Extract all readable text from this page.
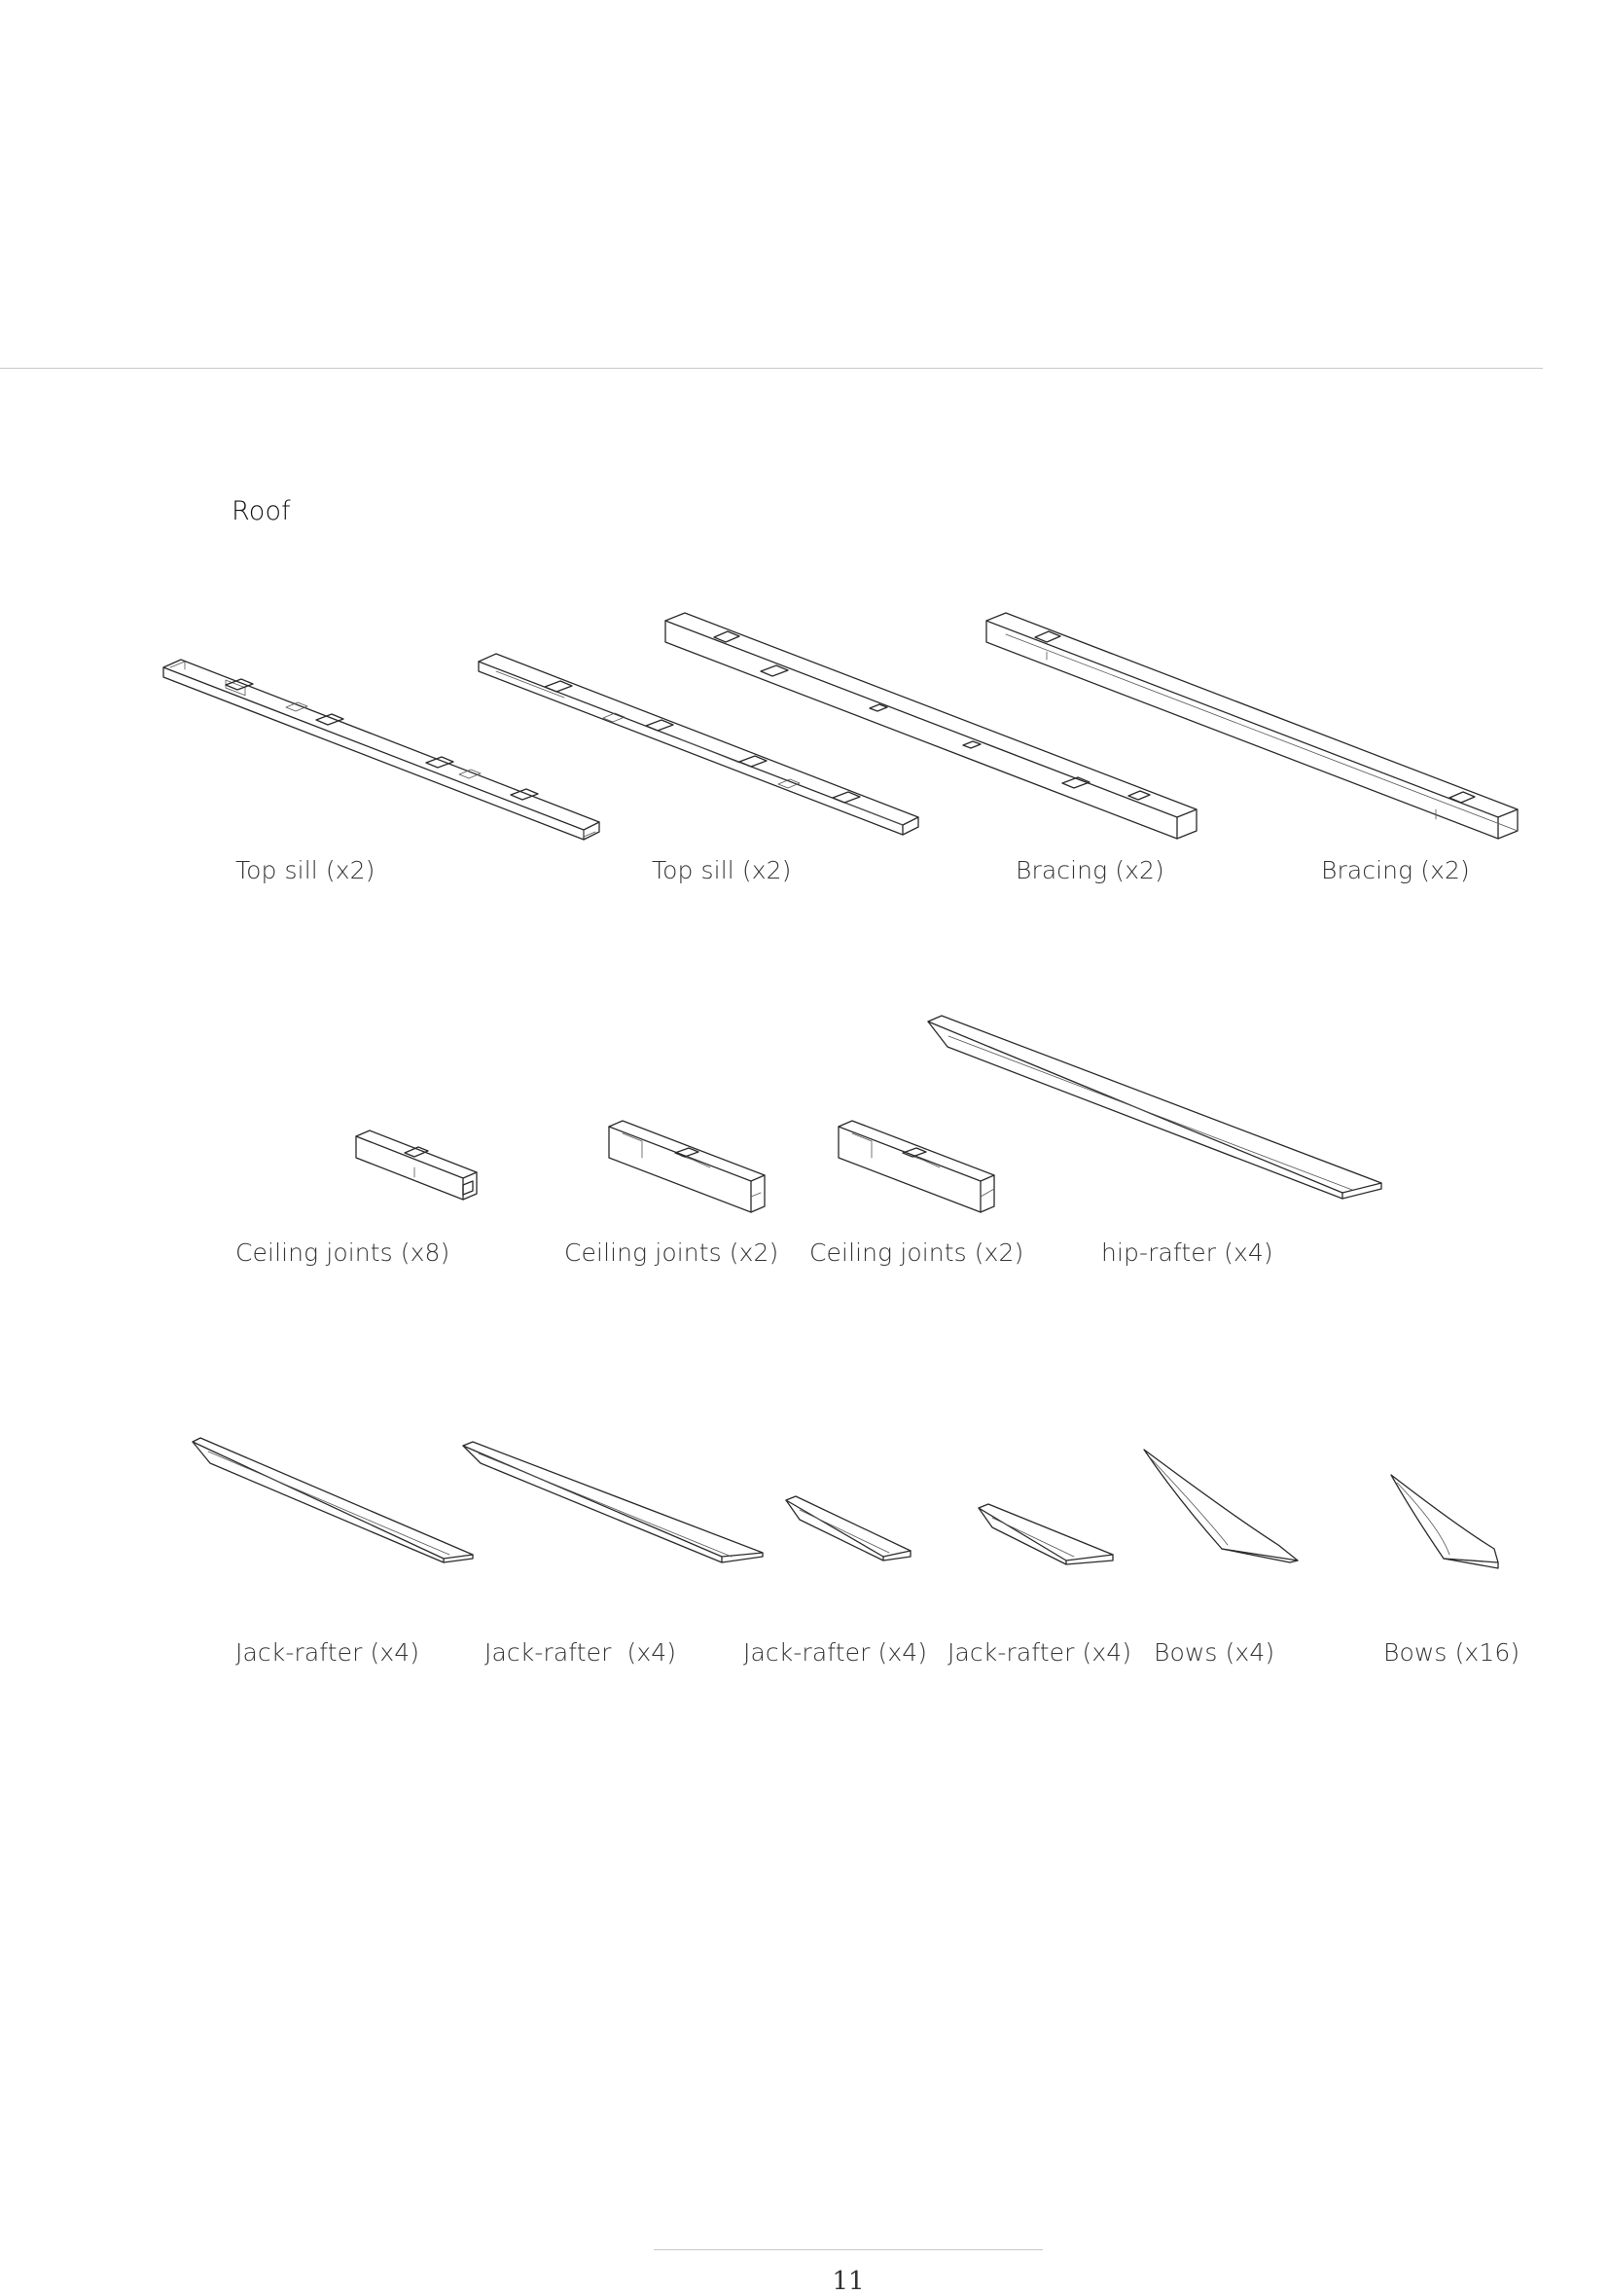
Roof
Top sill (x2)	Top sill (x2)	Bracing (x2)	Bracing (x2)
Ceiling joints (x8)	Ceiling joints (x2) Ceiling joints (x2)	hip-rafter (x4)
Jack-rafter (x4)	Jack-rafter  (x4)	Jack-rafter (x4) Jack-rafter (x4) Bows (x4)	Bows (x16)
11
